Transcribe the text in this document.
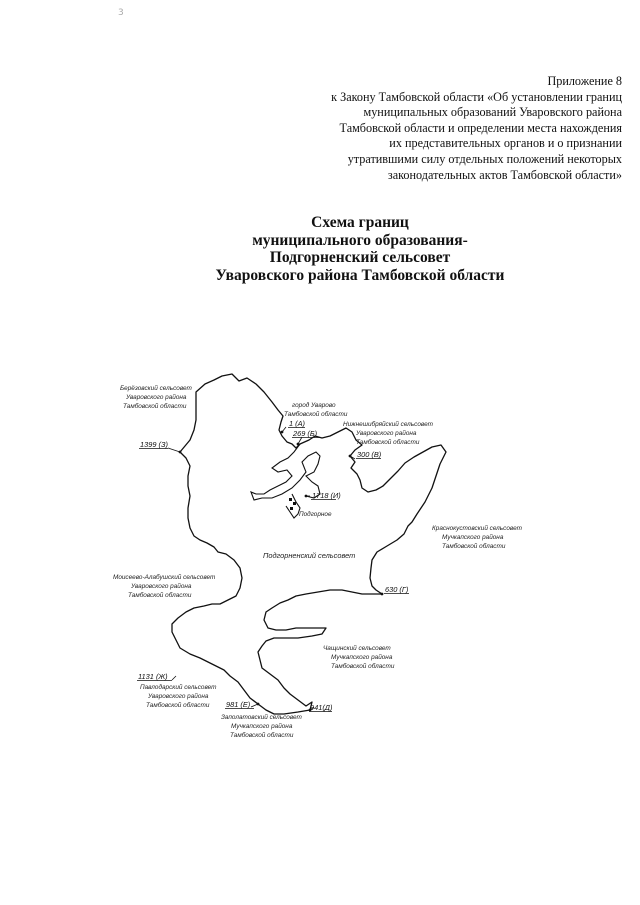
3
Приложение 8
к Закону Тамбовской области «Об установлении границ
муниципальных образований Уваровского района
Тамбовской области и определении места нахождения
их представительных органов и о признании
утратившими силу отдельных положений некоторых
законодательных актов Тамбовской области»
Схема границ
муниципального образования-
Подгорненский сельсовет
Уваровского района Тамбовской области
1 (А)
269 (Б)
300 (В)
630 (Г)
941(Д)
981 (Е)
1131 (Ж)
1399 (З)
1718 (И)
Подгорненский сельсовет
Подгорное
Берёзовский сельсовет
Уваровского района
Тамбовской области	город Уварово
Тамбовской области
Нижнешибряйский сельсовет
Уваровского района
Тамбовской области
Краснокустовский сельсовет
Мучкапского района
Тамбовской области
Моисеево-Алабушский сельсовет
Уваровского района
Тамбовской области
Чащинский сельсовет
Мучкапского района
Тамбовской области
Павлодарский сельсовет
Уваровского района
Тамбовской области
Заполатовский сельсовет
Мучкапского района
Тамбовской области
